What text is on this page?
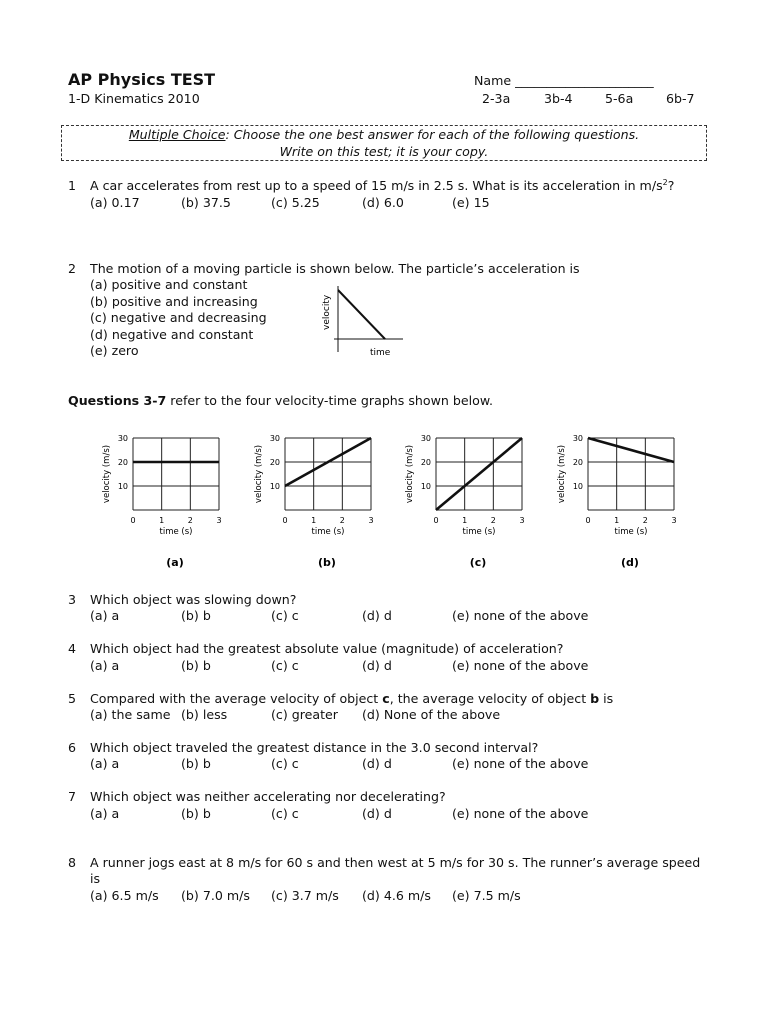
AP Physics TEST
1-D Kinematics 2010
Name ______________________
2-3a	3b-4	5-6a	6b-7
Multiple Choice: Choose the one best answer for each of the following questions.
Write on this test; it is your copy.
1 A car accelerates from rest up to a speed of 15 m/s in 2.5 s. What is its acceleration in $m/s^2$?
(a) 0.17	(b) 37.5	(c) 5.25	(d) 6.0	(e) 15
2 The motion of a moving particle is shown below. The particle’s acceleration is
(a) positive and constant
(b) positive and increasing
(c) negative and decreasing
(d) negative and constant
(e) zero
velocity
time
Questions 3-7 refer to the four velocity-time graphs shown below.
10
20
30
0	1	2	3
time (s)
velocity (m/s)
(a)
10
20
30
0	1	2	3
time (s)
velocity (m/s)
(b)
10
20
30
0	1	2	3
time (s)
velocity (m/s)
(c)
10
20
30
0	1	2	3
time (s)
velocity (m/s)
(d)
3 Which object was slowing down?
(a) a	(b) b	(c) c	(d) d	(e) none of the above
4 Which object had the greatest absolute value (magnitude) of acceleration?
(a) a	(b) b	(c) c	(d) d	(e) none of the above
5 Compared with the average velocity of object c, the average velocity of object b is
(a) the same (b) less	(c) greater (d) None of the above
6 Which object traveled the greatest distance in the 3.0 second interval?
(a) a	(b) b	(c) c	(d) d	(e) none of the above
7 Which object was neither accelerating nor decelerating?
(a) a	(b) b	(c) c	(d) d	(e) none of the above
8 A runner jogs east at 8 m/s for 60 s and then west at 5 m/s for 30 s. The runner’s average speed
is
(a) 6.5 m/s (b) 7.0 m/s (c) 3.7 m/s (d) 4.6 m/s (e) 7.5 m/s
